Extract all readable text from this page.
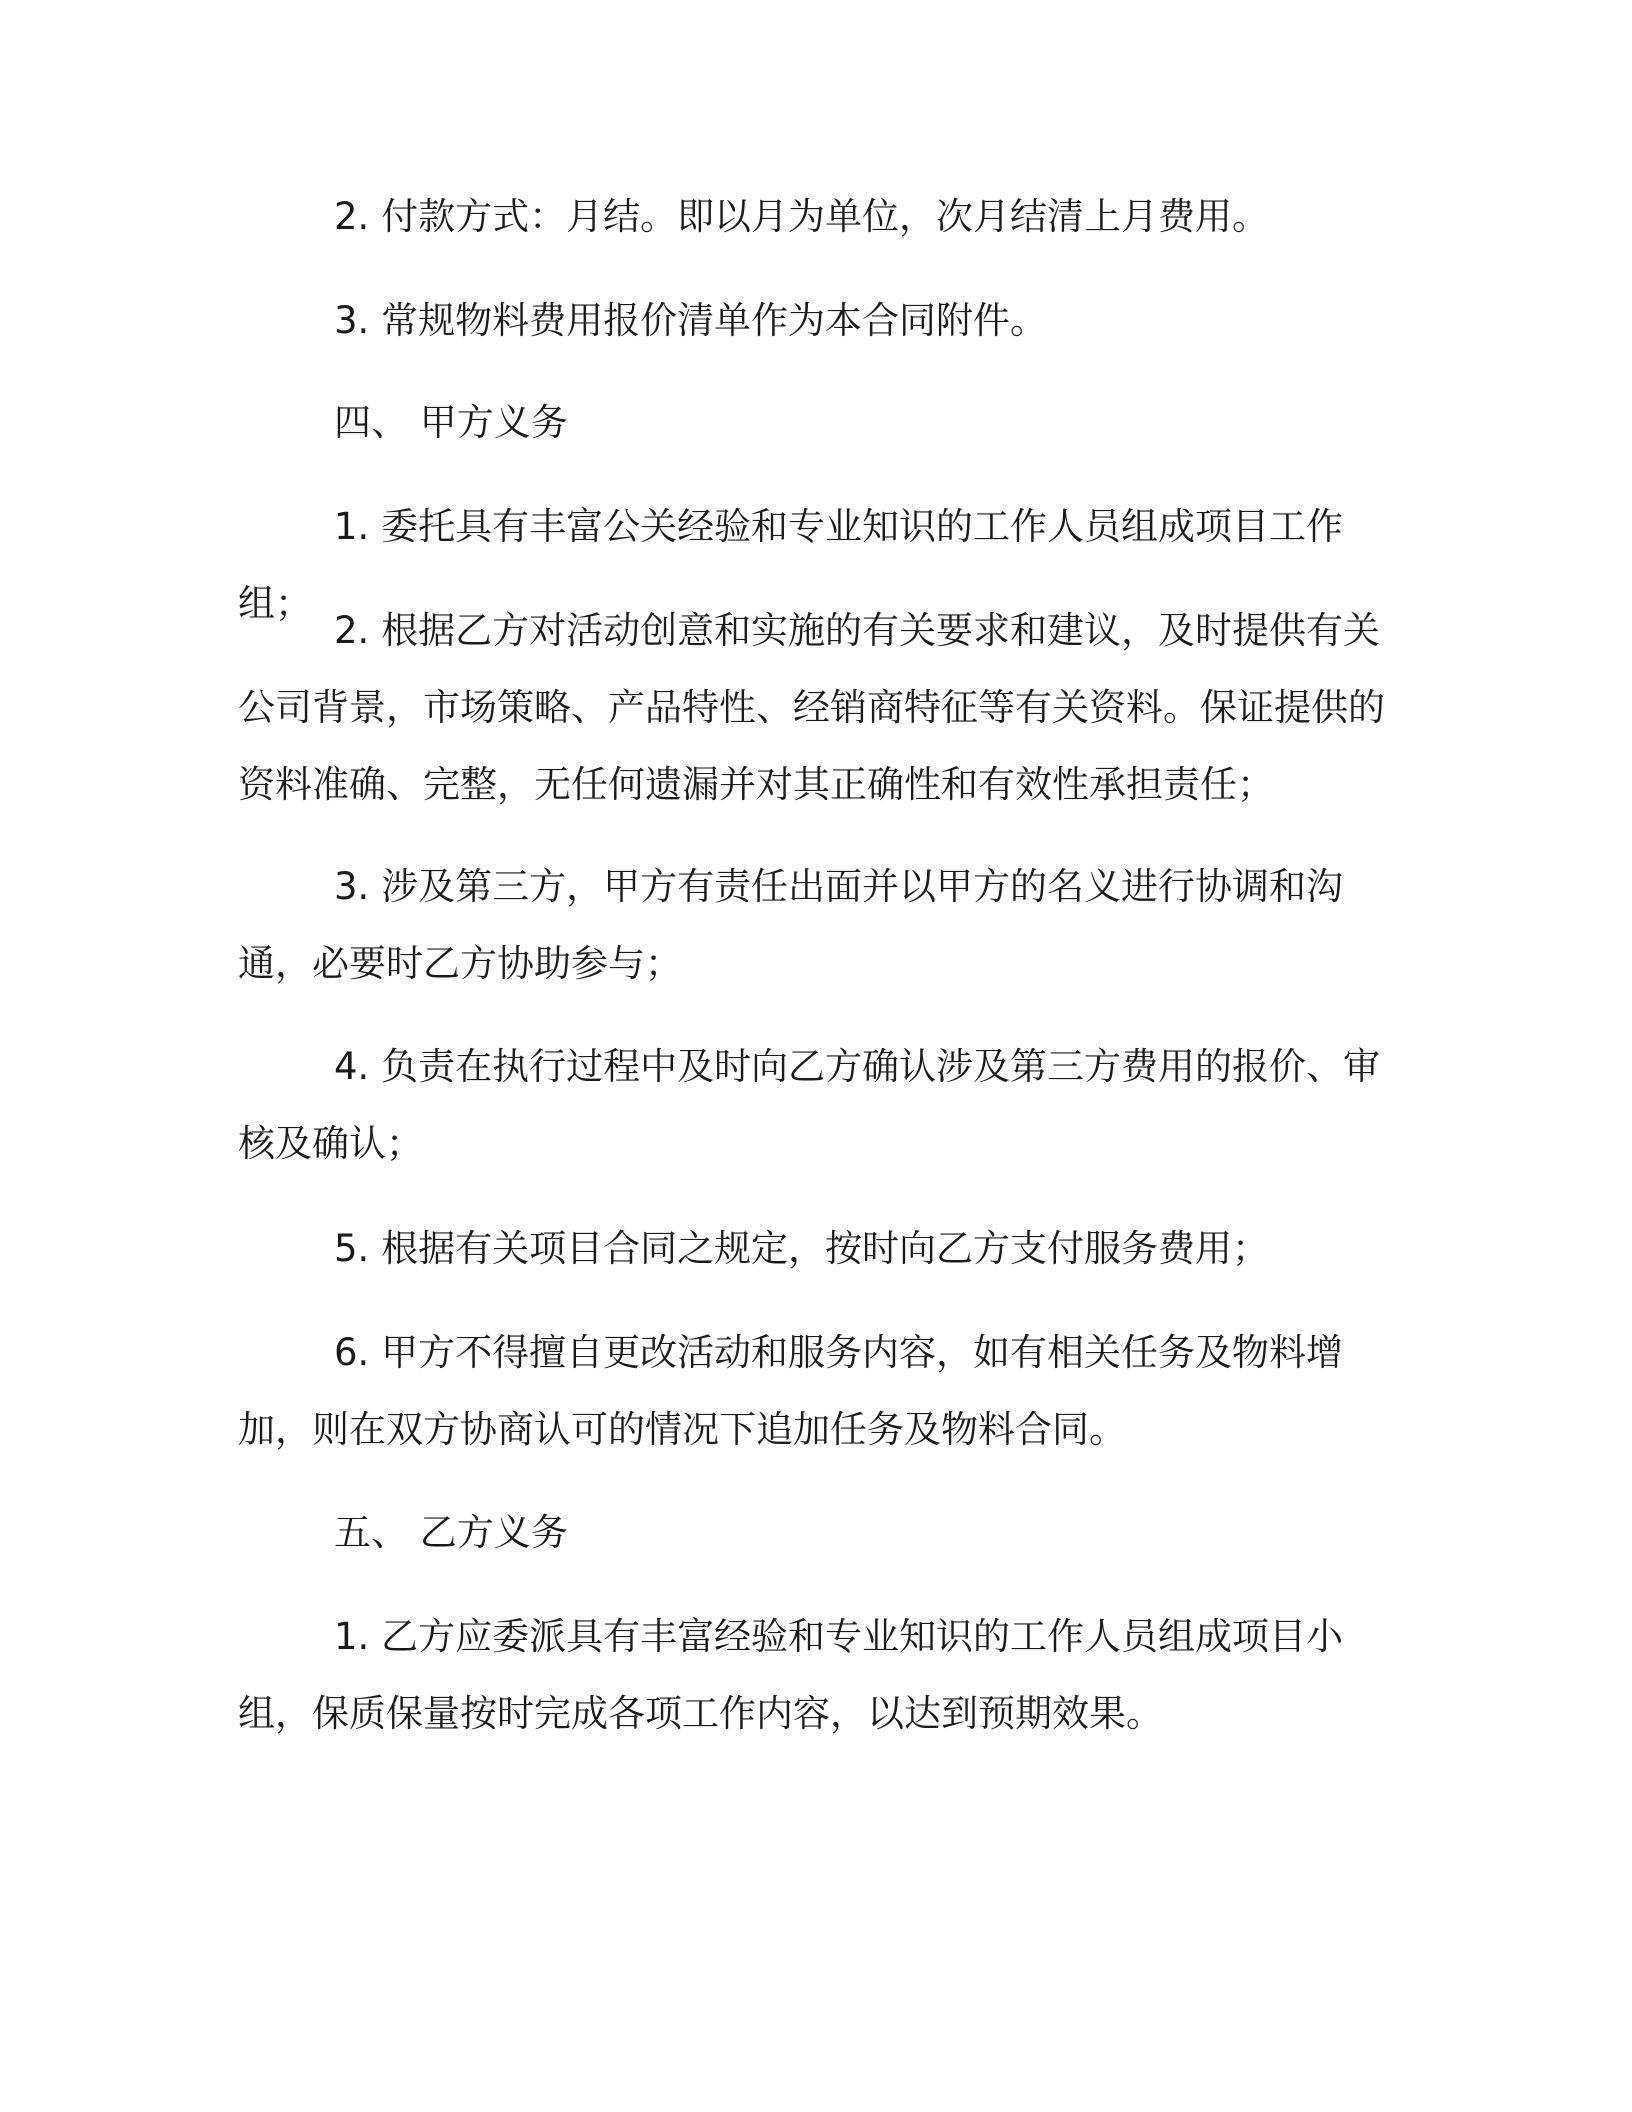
2. 付款方式：月结。即以月为单位，次月结清上月费用。

3. 常规物料费用报价清单作为本合同附件。

四、 甲方义务

1. 委托具有丰富公关经验和专业知识的工作人员组成项目工作组；

2. 根据乙方对活动创意和实施的有关要求和建议，及时提供有关公司背景，市场策略、产品特性、经销商特征等有关资料。保证提供的资料准确、完整，无任何遗漏并对其正确性和有效性承担责任；

3. 涉及第三方，甲方有责任出面并以甲方的名义进行协调和沟通，必要时乙方协助参与；

4. 负责在执行过程中及时向乙方确认涉及第三方费用的报价、审核及确认；

5. 根据有关项目合同之规定，按时向乙方支付服务费用；

6. 甲方不得擅自更改活动和服务内容，如有相关任务及物料增加，则在双方协商认可的情况下追加任务及物料合同。

五、 乙方义务

1. 乙方应委派具有丰富经验和专业知识的工作人员组成项目小组，保质保量按时完成各项工作内容，以达到预期效果。
